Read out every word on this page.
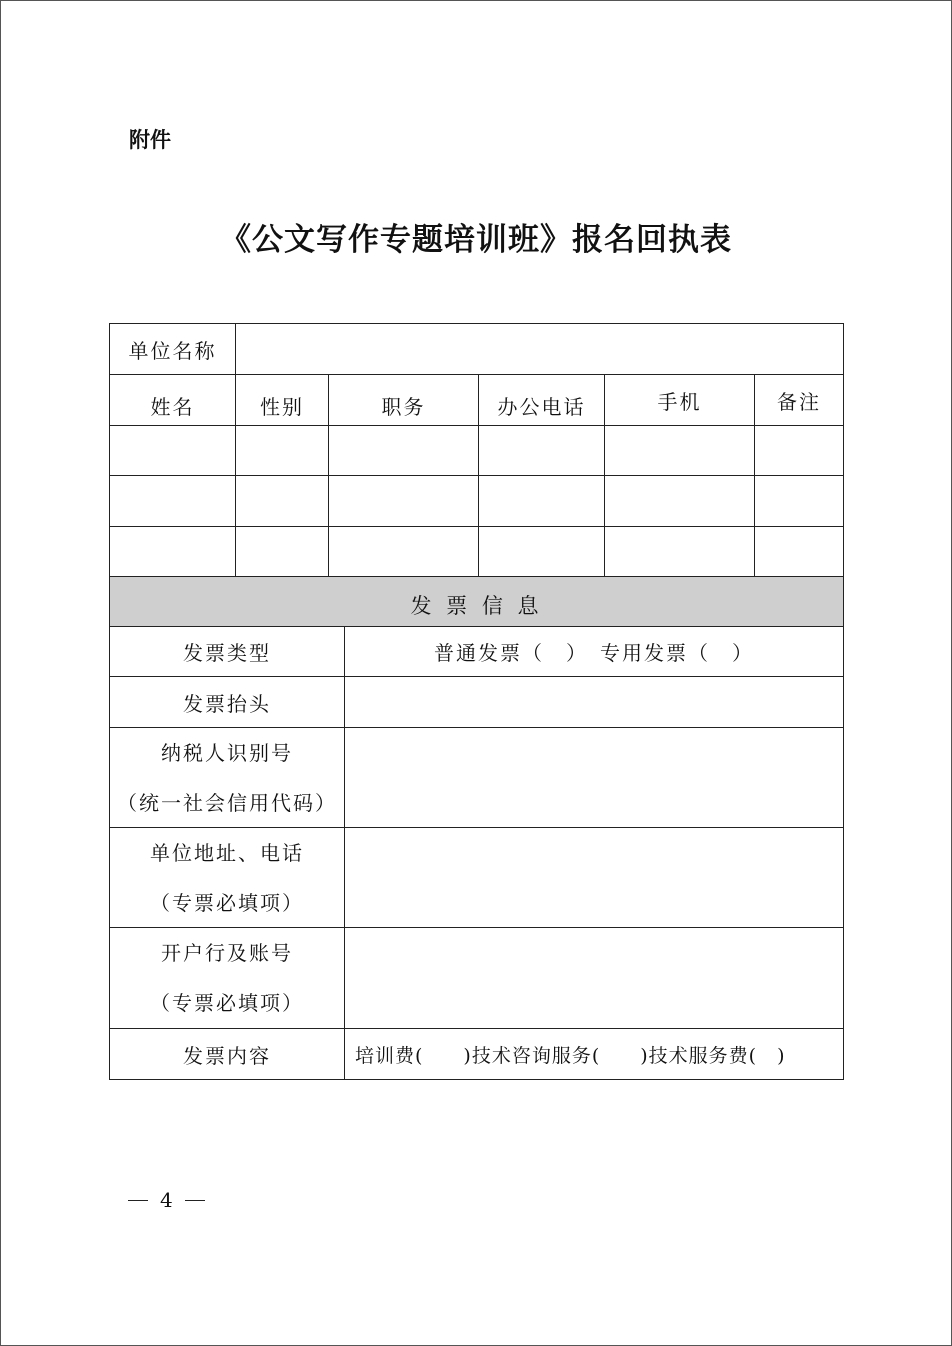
附件
《公文写作专题培训班》报名回执表
单位名称
姓名	性别	职务	办公电话	手机	备注
发 票 信 息
发票类型	普通发票（　）　专用发票（　）
发票抬头
纳税人识别号
（统一社会信用代码）
单位地址、电话
（专票必填项）
开户行及账号
（专票必填项）
发票内容	培训费(　　)技术咨询服务(　　)技术服务费(　)
4
